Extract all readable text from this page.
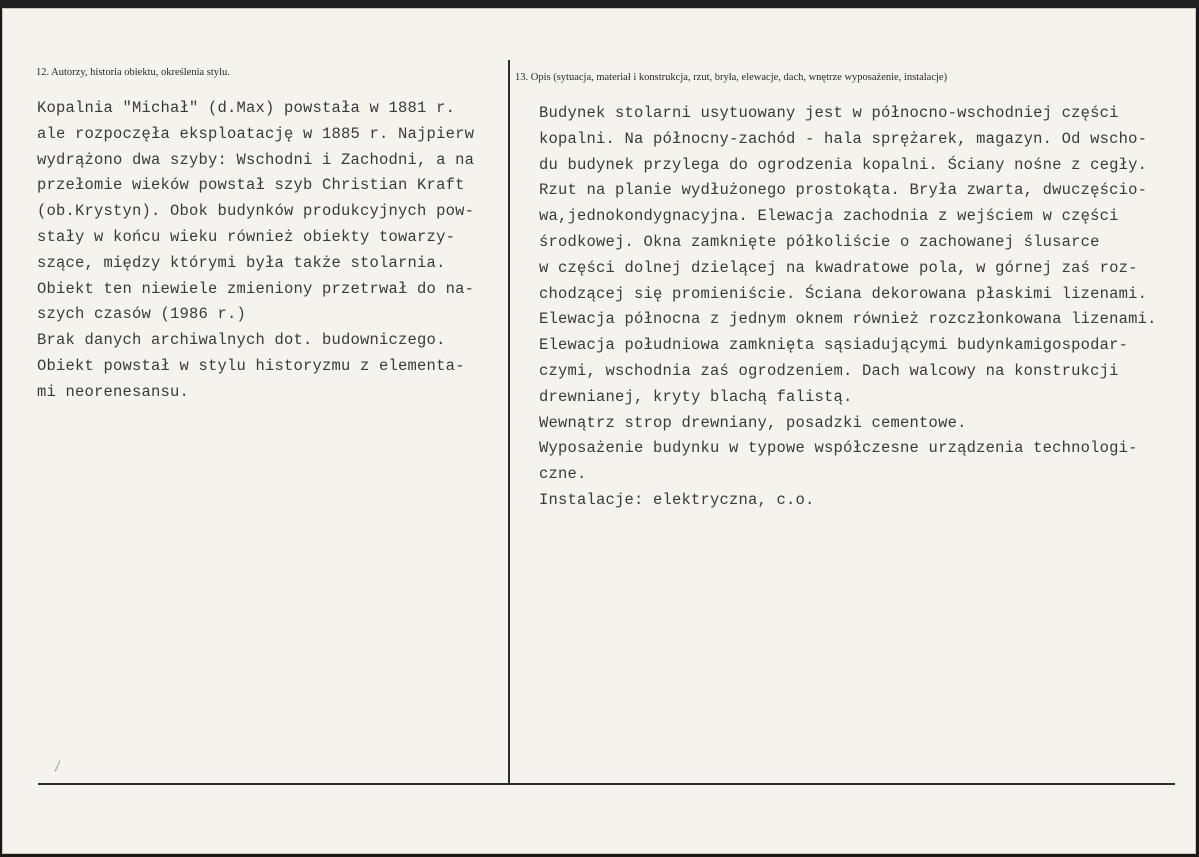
12. Autorzy, historia obiektu, określenia stylu.	13. Opis (sytuacja, materiał i konstrukcja, rzut, bryła, elewacje, dach, wnętrze wyposażenie, instalacje)
Kopalnia "Michał" (d.Max) powstała w 1881 r.
ale rozpoczęła eksploatację w 1885 r. Najpierw
wydrążono dwa szyby: Wschodni i Zachodni, a na
przełomie wieków powstał szyb Christian Kraft
(ob.Krystyn). Obok budynków produkcyjnych pow-
stały w końcu wieku również obiekty towarzy-
szące, między którymi była także stolarnia.
Obiekt ten niewiele zmieniony przetrwał do na-
szych czasów (1986 r.)
Brak danych archiwalnych dot. budowniczego.
Obiekt powstał w stylu historyzmu z elementa-
mi neorenesansu.
Budynek stolarni usytuowany jest w północno-wschodniej części
kopalni. Na północny-zachód - hala sprężarek, magazyn. Od wscho-
du budynek przylega do ogrodzenia kopalni. Ściany nośne z cegły.
Rzut na planie wydłużonego prostokąta. Bryła zwarta, dwuczęścio-
wa,jednokondygnacyjna. Elewacja zachodnia z wejściem w części
środkowej. Okna zamknięte półkoliście o zachowanej ślusarce
w części dolnej dzielącej na kwadratowe pola, w górnej zaś roz-
chodzącej się promieniście. Ściana dekorowana płaskimi lizenami.
Elewacja północna z jednym oknem również rozczłonkowana lizenami.
Elewacja południowa zamknięta sąsiadującymi budynkamigospodar-
czymi, wschodnia zaś ogrodzeniem. Dach walcowy na konstrukcji
drewnianej, kryty blachą falistą.
Wewnątrz strop drewniany, posadzki cementowe.
Wyposażenie budynku w typowe współczesne urządzenia technologi-
czne.
Instalacje: elektryczna, c.o.
